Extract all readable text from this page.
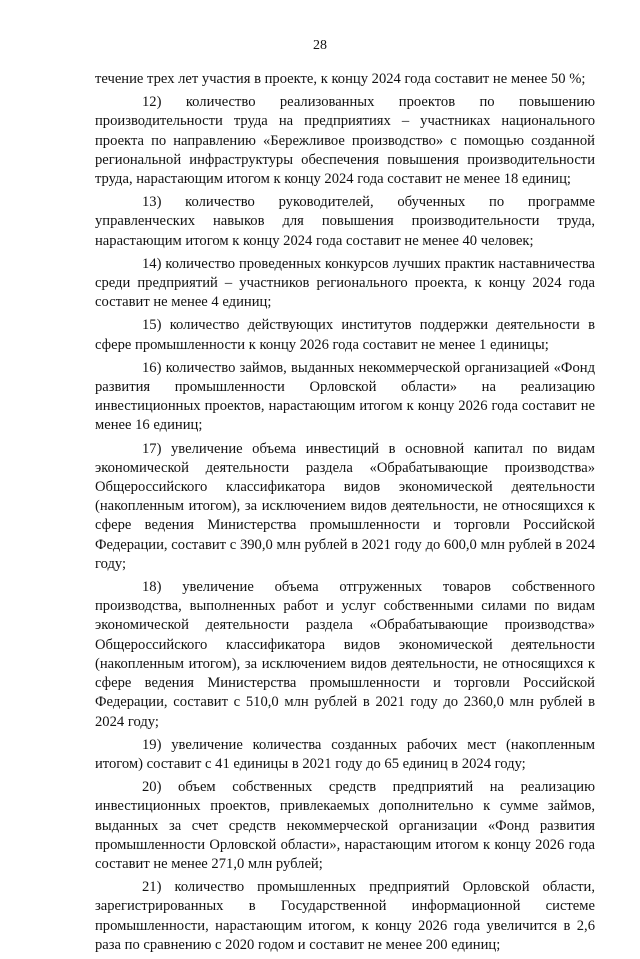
28

течение трех лет участия в проекте, к концу 2024 года составит не менее 50 %;

12) количество реализованных проектов по повышению производительности труда на предприятиях – участниках национального проекта по направлению «Бережливое производство» с помощью созданной региональной инфраструктуры обеспечения повышения производительности труда, нарастающим итогом к концу 2024 года составит не менее 18 единиц;

13) количество руководителей, обученных по программе управленческих навыков для повышения производительности труда, нарастающим итогом к концу 2024 года составит не менее 40 человек;

14) количество проведенных конкурсов лучших практик наставничества среди предприятий – участников регионального проекта, к концу 2024 года составит не менее 4 единиц;

15) количество действующих институтов поддержки деятельности в сфере промышленности к концу 2026 года составит не менее 1 единицы;

16) количество займов, выданных некоммерческой организацией «Фонд развития промышленности Орловской области» на реализацию инвестиционных проектов, нарастающим итогом к концу 2026 года составит не менее 16 единиц;

17) увеличение объема инвестиций в основной капитал по видам экономической деятельности раздела «Обрабатывающие производства» Общероссийского классификатора видов экономической деятельности (накопленным итогом), за исключением видов деятельности, не относящихся к сфере ведения Министерства промышленности и торговли Российской Федерации, составит с 390,0 млн рублей в 2021 году до 600,0 млн рублей в 2024 году;

18) увеличение объема отгруженных товаров собственного производства, выполненных работ и услуг собственными силами по видам экономической деятельности раздела «Обрабатывающие производства» Общероссийского классификатора видов экономической деятельности (накопленным итогом), за исключением видов деятельности, не относящихся к сфере ведения Министерства промышленности и торговли Российской Федерации, составит с 510,0 млн рублей в 2021 году до 2360,0 млн рублей в 2024 году;

19) увеличение количества созданных рабочих мест (накопленным итогом) составит с 41 единицы в 2021 году до 65 единиц в 2024 году;

20) объем собственных средств предприятий на реализацию инвестиционных проектов, привлекаемых дополнительно к сумме займов, выданных за счет средств некоммерческой организации «Фонд развития промышленности Орловской области», нарастающим итогом к концу 2026 года составит не менее 271,0 млн рублей;

21) количество промышленных предприятий Орловской области, зарегистрированных в Государственной информационной системе промышленности, нарастающим итогом, к концу 2026 года увеличится в 2,6 раза по сравнению с 2020 годом и составит не менее 200 единиц;
